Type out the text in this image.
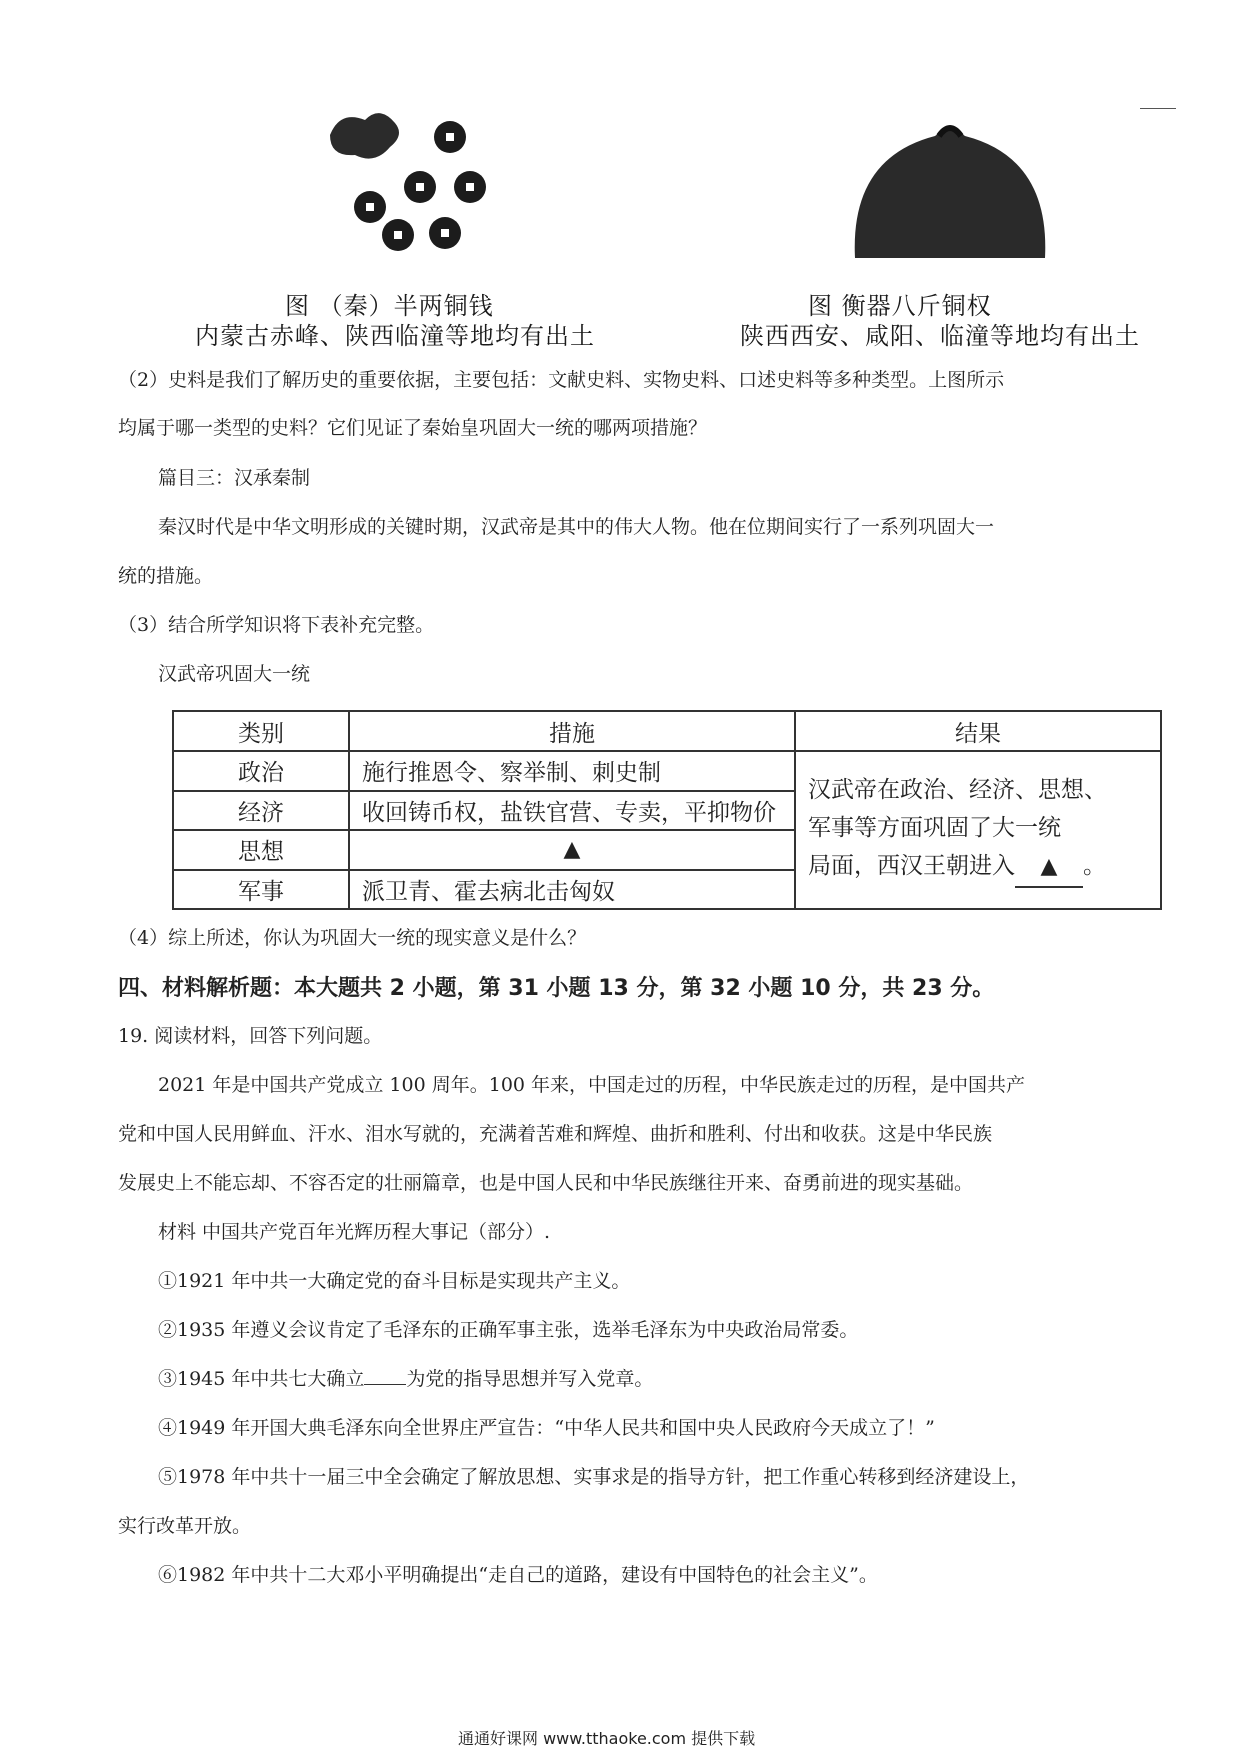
图 （秦）半两铜钱
内蒙古赤峰、陕西临潼等地均有出土
图 衡器八斤铜权
陕西西安、咸阳、临潼等地均有出土
（2）史料是我们了解历史的重要依据，主要包括：文献史料、实物史料、口述史料等多种类型。上图所示
均属于哪一类型的史料？它们见证了秦始皇巩固大一统的哪两项措施？
篇目三：汉承秦制
秦汉时代是中华文明形成的关键时期，汉武帝是其中的伟大人物。他在位期间实行了一系列巩固大一
统的措施。
（3）结合所学知识将下表补充完整。
汉武帝巩固大一统
类别	措施	结果
政治	施行推恩令、察举制、刺史制	汉武帝在政治、经济、思想、
军事等方面巩固了大一统
局面，西汉王朝进入 ▲ 。

经济	收回铸币权，盐铁官营、专卖，平抑物价	
思想	▲	
军事	派卫青、霍去病北击匈奴	
（4）综上所述，你认为巩固大一统的现实意义是什么？
四、材料解析题：本大题共 2 小题，第 31 小题 13 分，第 32 小题 10 分，共 23 分。
19. 阅读材料，回答下列问题。
2021 年是中国共产党成立 100 周年。100 年来，中国走过的历程，中华民族走过的历程，是中国共产
党和中国人民用鲜血、汗水、泪水写就的，充满着苦难和辉煌、曲折和胜利、付出和收获。这是中华民族
发展史上不能忘却、不容否定的壮丽篇章，也是中国人民和中华民族继往开来、奋勇前进的现实基础。
材料 中国共产党百年光辉历程大事记（部分）.
①1921 年中共一大确定党的奋斗目标是实现共产主义。
②1935 年遵义会议肯定了毛泽东的正确军事主张，选举毛泽东为中央政治局常委。
③1945 年中共七大确立 为党的指导思想并写入党章。
④1949 年开国大典毛泽东向全世界庄严宣告：“中华人民共和国中央人民政府今天成立了！”
⑤1978 年中共十一届三中全会确定了解放思想、实事求是的指导方针，把工作重心转移到经济建设上，
实行改革开放。
⑥1982 年中共十二大邓小平明确提出“走自己的道路，建设有中国特色的社会主义”。
通通好课网 www.tthaoke.com 提供下载
